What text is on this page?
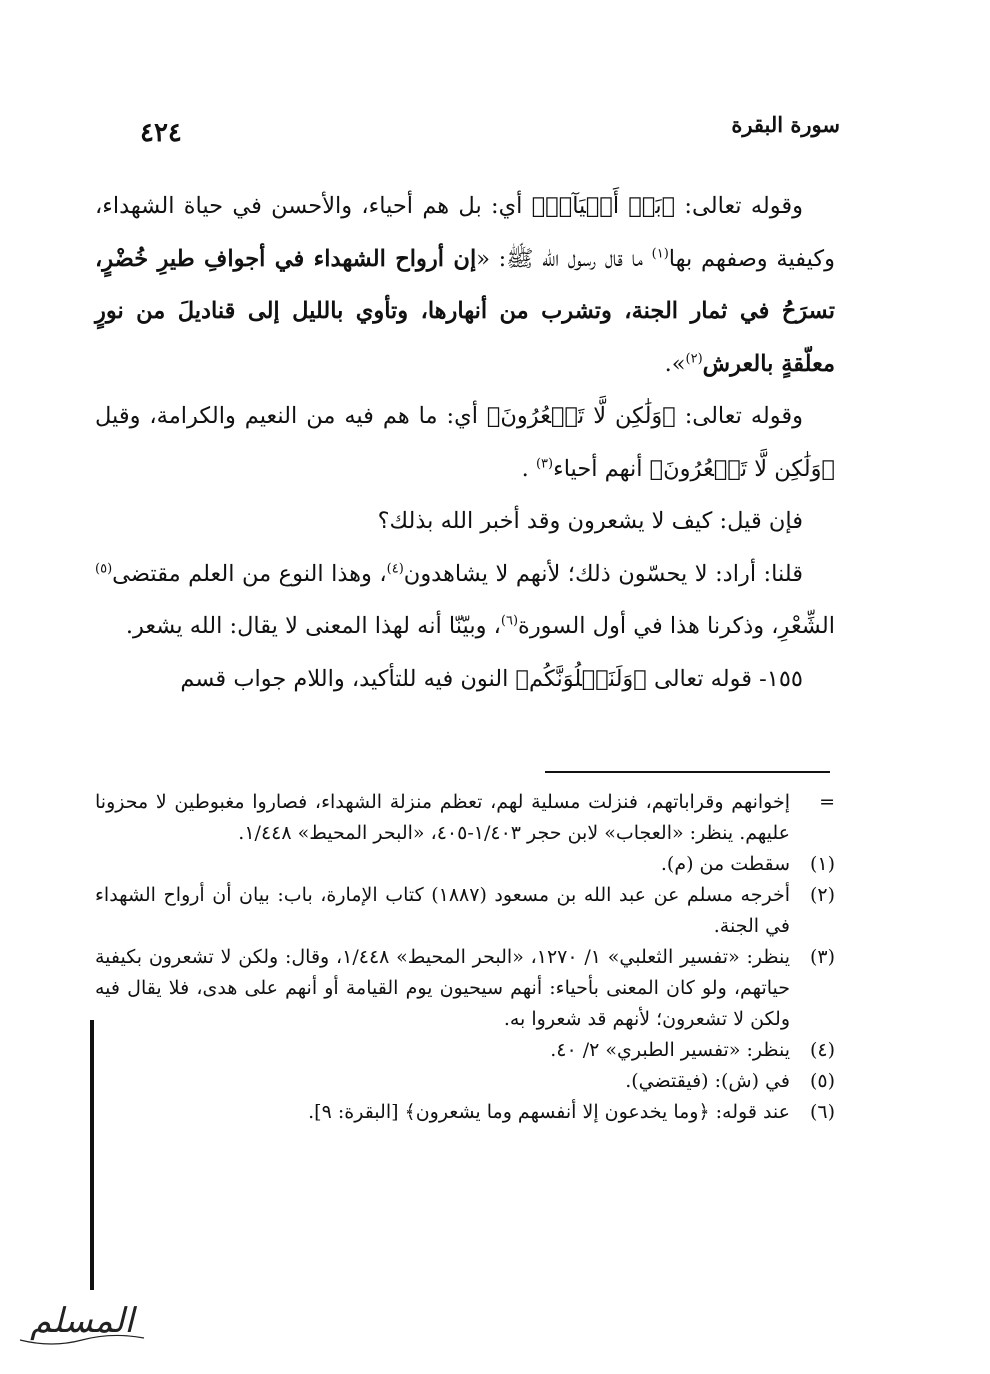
سورة البقرة
٤٢٤

وقوله تعالى: ﴿بَلۡ أَحۡيَآءٞ﴾ أي: بل هم أحياء، والأحسن في حياة الشهداء، وكيفية وصفهم بها$^{(١)}$ ما قال رسول الله ﷺ: «إن أرواح الشهداء في أجوافِ طيرِ خُضْرٍ، تسرَحُ في ثمار الجنة، وتشرب من أنهارها، وتأوي بالليل إلى قناديلَ من نورٍ معلّقةٍ بالعرش$^{(٢)}$».

وقوله تعالى: ﴿وَلَٰكِن لَّا تَشۡعُرُونَ﴾ أي: ما هم فيه من النعيم والكرامة، وقيل ﴿وَلَٰكِن لَّا تَشۡعُرُونَ﴾ أنهم أحياء$^{(٣)}$ .

فإن قيل: كيف لا يشعرون وقد أخبر الله بذلك؟

قلنا: أراد: لا يحسّون ذلك؛ لأنهم لا يشاهدون$^{(٤)}$، وهذا النوع من العلم مقتضى$^{(٥)}$ الشِّعْرِ، وذكرنا هذا في أول السورة$^{(٦)}$، وبيّنّا أنه لهذا المعنى لا يقال: الله يشعر.

١٥٥- قوله تعالى ﴿وَلَنَبۡلُوَنَّكُم﴾ النون فيه للتأكيد، واللام جواب قسم

=
إخوانهم وقراباتهم، فنزلت مسلية لهم، تعظم منزلة الشهداء، فصاروا مغبوطين لا محزونا عليهم. ينظر: «العجاب» لابن حجر ١/٤٠٣-٤٠٥، «البحر المحيط» ١/٤٤٨.
(١)
سقطت من (م).
(٢)
أخرجه مسلم عن عبد الله بن مسعود (١٨٨٧) كتاب الإمارة، باب: بيان أن أرواح الشهداء في الجنة.
(٣)
ينظر: «تفسير الثعلبي» ١/ ١٢٧٠، «البحر المحيط» ١/٤٤٨، وقال: ولكن لا تشعرون بكيفية حياتهم، ولو كان المعنى بأحياء: أنهم سيحيون يوم القيامة أو أنهم على هدى، فلا يقال فيه ولكن لا تشعرون؛ لأنهم قد شعروا به.
(٤)
ينظر: «تفسير الطبري» ٢/ ٤٠.
(٥)
في (ش): (فيقتضي).
(٦)
عند قوله: ﴿وما يخدعون إلا أنفسهم وما يشعرون﴾ [البقرة: ٩].
المسلم
